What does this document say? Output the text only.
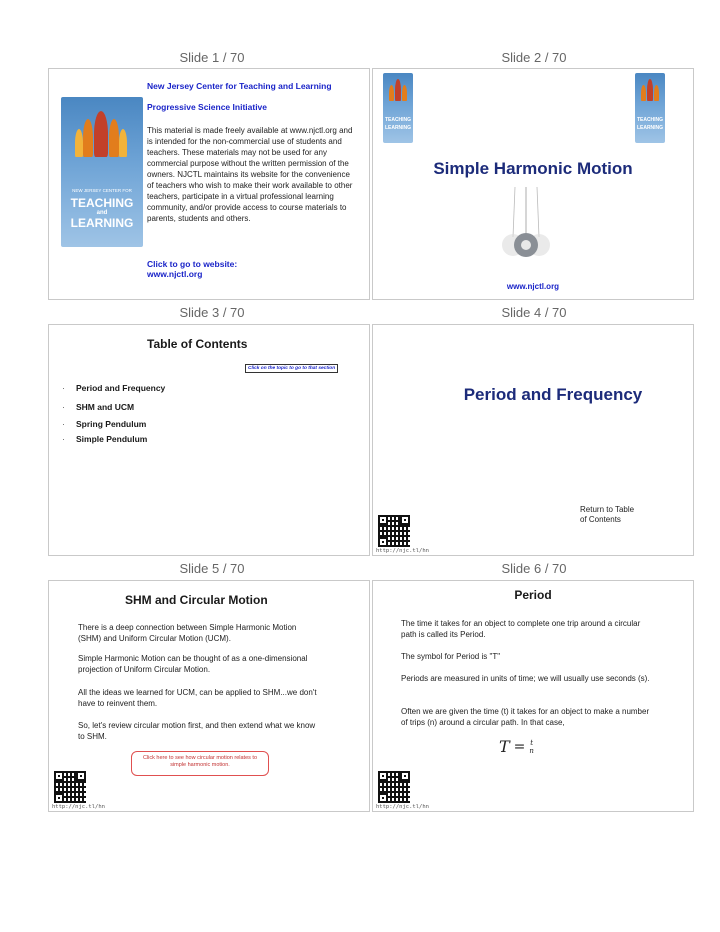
Slide 1 / 70
NEW JERSEY CENTER FOR
TEACHING
and
LEARNING
New Jersey Center for Teaching and Learning
Progressive Science Initiative
This material is made freely available at www.njctl.org and is intended for the non-commercial use of students and teachers. These materials may not be used for any commercial purpose without the written permission of the owners. NJCTL maintains its website for the convenience of teachers who wish to make their work available to other teachers, participate in a virtual professional learning community, and/or provide access to course materials to parents, students and others.
Click to go to website:
www.njctl.org
Slide 2 / 70
TEACHING
LEARNING
TEACHING
LEARNING
Simple Harmonic Motion
www.njctl.org
Slide 3 / 70
Table of Contents
Click on the topic to go to that section
· Period and Frequency
· SHM and UCM
· Spring Pendulum
· Simple Pendulum
Slide 4 / 70
Period and Frequency
Return to Table
of Contents
http://njc.tl/hn
Slide 5 / 70
SHM and Circular Motion
There is a deep connection between Simple Harmonic Motion (SHM) and Uniform Circular Motion (UCM).
Simple Harmonic Motion can be thought of as a one-dimensional projection of Uniform Circular Motion.
All the ideas we learned for UCM, can be applied to SHM...we don't have to reinvent them.
So, let's review circular motion first, and then extend what we know to SHM.
Click here to see how circular motion relates to simple harmonic motion.
http://njc.tl/hn
Slide 6 / 70
Period
The time it takes for an object to complete one trip around a circular path is called its Period.
The symbol for Period is "T"
Periods are measured in units of time; we will usually use seconds (s).
Often we are given the time (t) it takes for an object to make a number of trips (n) around a circular path. In that case,
T = t
n
http://njc.tl/hn
